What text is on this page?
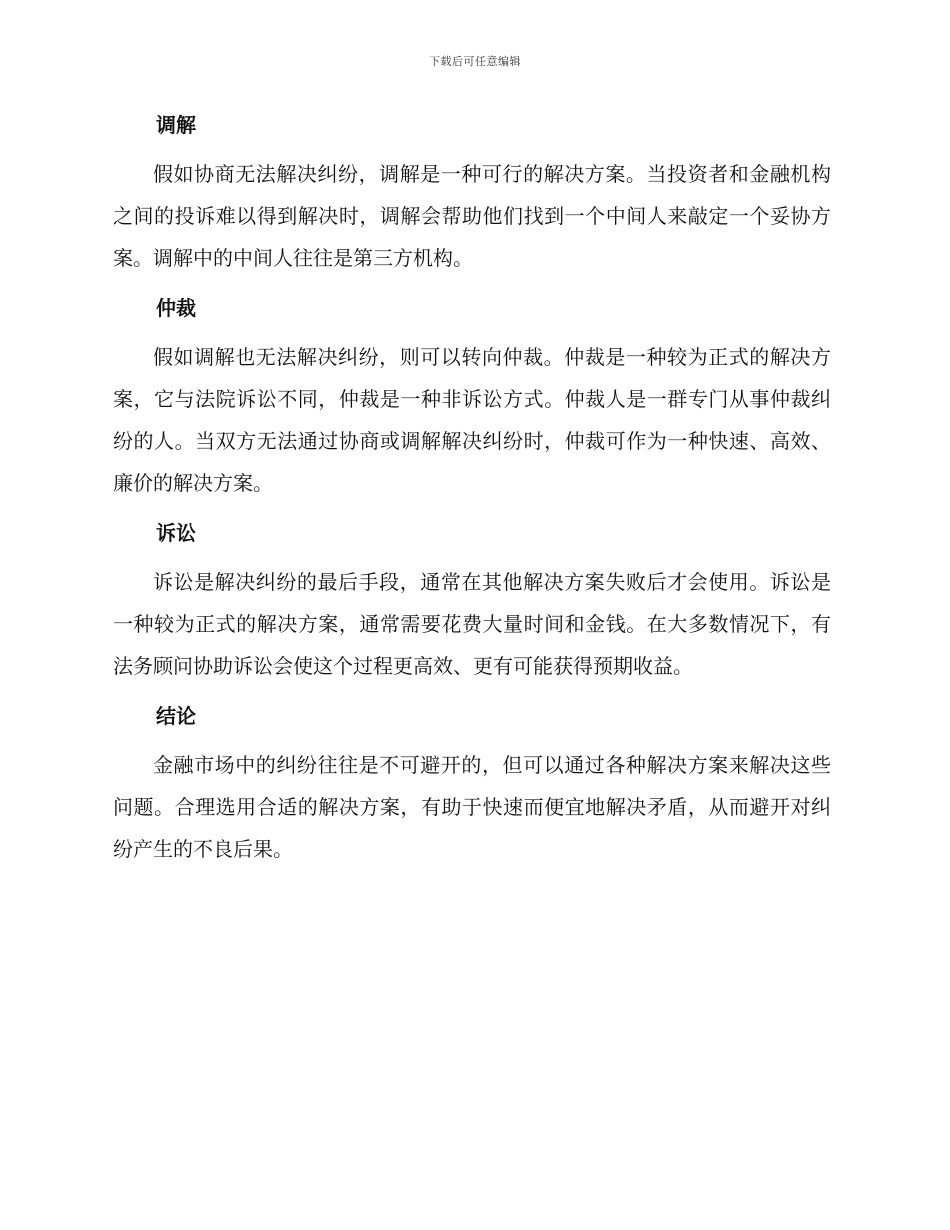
下载后可任意编辑
调解

假如协商无法解决纠纷，调解是一种可行的解决方案。当投资者和金融机构之间的投诉难以得到解决时，调解会帮助他们找到一个中间人来敲定一个妥协方案。调解中的中间人往往是第三方机构。

仲裁

假如调解也无法解决纠纷，则可以转向仲裁。仲裁是一种较为正式的解决方案，它与法院诉讼不同，仲裁是一种非诉讼方式。仲裁人是一群专门从事仲裁纠纷的人。当双方无法通过协商或调解解决纠纷时，仲裁可作为一种快速、高效、廉价的解决方案。

诉讼

诉讼是解决纠纷的最后手段，通常在其他解决方案失败后才会使用。诉讼是一种较为正式的解决方案，通常需要花费大量时间和金钱。在大多数情况下，有法务顾问协助诉讼会使这个过程更高效、更有可能获得预期收益。

结论

金融市场中的纠纷往往是不可避开的，但可以通过各种解决方案来解决这些问题。合理选用合适的解决方案，有助于快速而便宜地解决矛盾，从而避开对纠纷产生的不良后果。
